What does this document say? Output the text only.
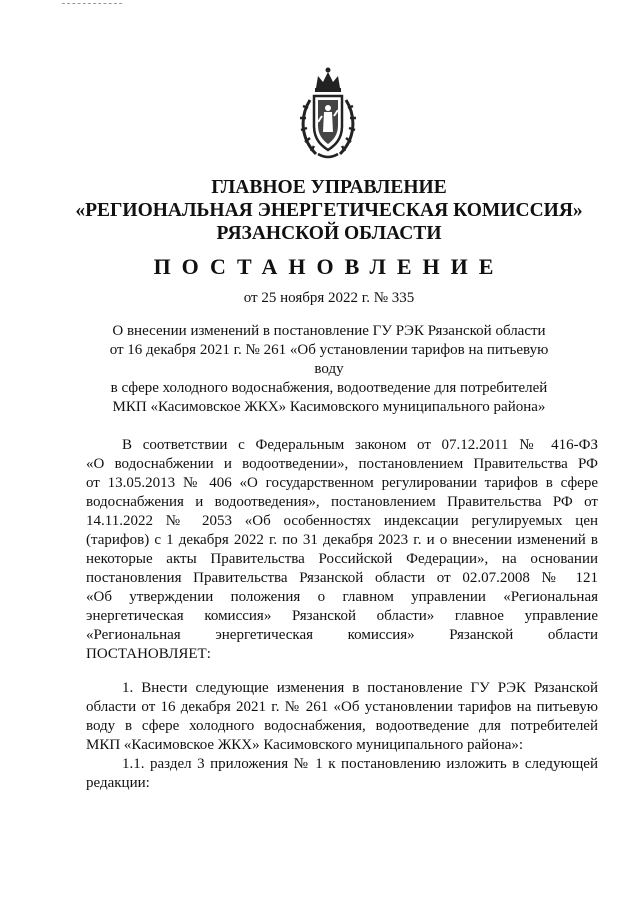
ГЛАВНОЕ УПРАВЛЕНИЕ
«РЕГИОНАЛЬНАЯ ЭНЕРГЕТИЧЕСКАЯ КОМИССИЯ»
РЯЗАНСКОЙ ОБЛАСТИ
ПОСТАНОВЛЕНИЕ
от 25 ноября 2022 г. № 335
О внесении изменений в постановление ГУ РЭК Рязанской области
от 16 декабря 2021 г. № 261 «Об установлении тарифов на питьевую воду
в сфере холодного водоснабжения, водоотведение для потребителей
МКП «Касимовское ЖКХ» Касимовского муниципального района»

В соответствии с Федеральным законом от 07.12.2011 № 416-ФЗ
«О водоснабжении и водоотведении», постановлением Правительства РФ
от 13.05.2013 № 406 «О государственном регулировании тарифов в сфере
водоснабжения и водоотведения», постановлением Правительства РФ от
14.11.2022 № 2053 «Об особенностях индексации регулируемых цен
(тарифов) с 1 декабря 2022 г. по 31 декабря 2023 г. и о внесении изменений в
некоторые акты Правительства Российской Федерации», на основании
постановления Правительства Рязанской области от 02.07.2008 № 121
«Об утверждении положения о главном управлении «Региональная
энергетическая комиссия» Рязанской области» главное управление
«Региональная энергетическая комиссия» Рязанской области
ПОСТАНОВЛЯЕТ:

1. Внести следующие изменения в постановление ГУ РЭК Рязанской
области от 16 декабря 2021 г. № 261 «Об установлении тарифов на питьевую
воду в сфере холодного водоснабжения, водоотведение для потребителей
МКП «Касимовское ЖКХ» Касимовского муниципального района»:

1.1. раздел 3 приложения № 1 к постановлению изложить в следующей
редакции:
